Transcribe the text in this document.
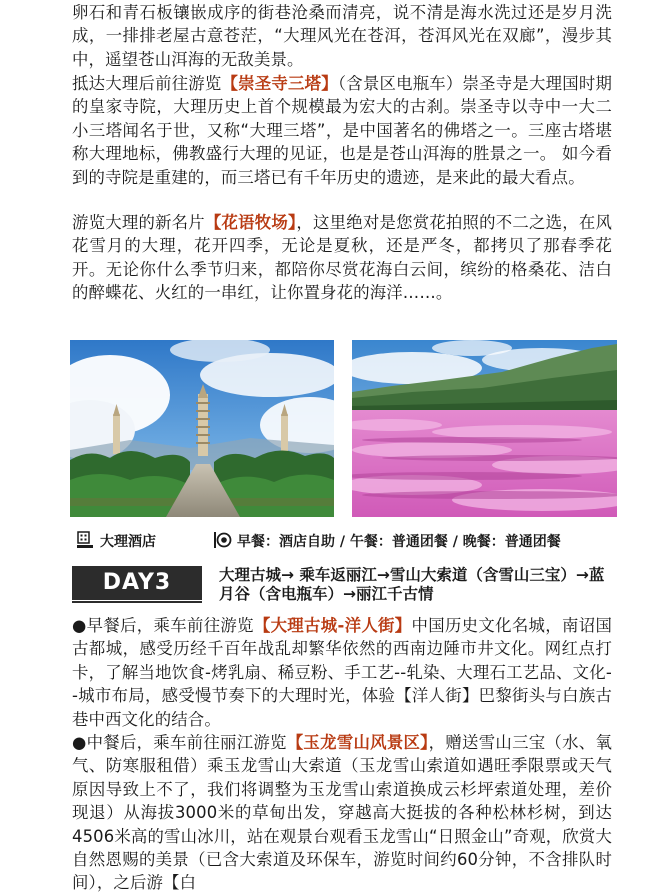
卵石和青石板镶嵌成序的街巷沧桑而清亮，说不清是海水洗过还是岁月洗成，一排排老屋古意苍茫，“大理风光在苍洱，苍洱风光在双廊”，漫步其中，遥望苍山洱海的无敌美景。

抵达大理后前往游览【崇圣寺三塔】（含景区电瓶车）崇圣寺是大理国时期的皇家寺院，大理历史上首个规模最为宏大的古刹。崇圣寺以寺中一大二小三塔闻名于世，又称“大理三塔”，是中国著名的佛塔之一。三座古塔堪称大理地标，佛教盛行大理的见证，也是是苍山洱海的胜景之一。 如今看到的寺院是重建的，而三塔已有千年历史的遗迹，是来此的最大看点。

游览大理的新名片【花语牧场】，这里绝对是您赏花拍照的不二之选，在风花雪月的大理，花开四季，无论是夏秋，还是严冬，都拷贝了那春季花开。无论你什么季节归来，都陪你尽赏花海白云间，缤纷的格桑花、洁白的醉蝶花、火红的一串红，让你置身花的海洋……。

大理酒店	早餐：酒店自助 / 午餐：普通团餐 / 晚餐：普通团餐
DAY3	大理古城→ 乘车返丽江→雪山大索道（含雪山三宝）→蓝月谷（含电瓶车）→丽江千古情

●早餐后，乘车前往游览【大理古城-洋人街】中国历史文化名城，南诏国古都城，感受历经千百年战乱却繁华依然的西南边陲市井文化。网红点打卡，了解当地饮食-烤乳扇、稀豆粉、手工艺--轧染、大理石工艺品、文化--城市布局，感受慢节奏下的大理时光，体验【洋人街】巴黎街头与白族古巷中西文化的结合。

●中餐后，乘车前往丽江游览【玉龙雪山风景区】，赠送雪山三宝（水、氧气、防寒服租借）乘玉龙雪山大索道（玉龙雪山索道如遇旺季限票或天气原因导致上不了，我们将调整为玉龙雪山索道换成云杉坪索道处理，差价现退）从海拔3000米的草甸出发，穿越高大挺拔的各种松林杉树，到达4506米高的雪山冰川，站在观景台观看玉龙雪山“日照金山”奇观，欣赏大自然恩赐的美景（已含大索道及环保车，游览时间约60分钟，不含排队时间），之后游【白
